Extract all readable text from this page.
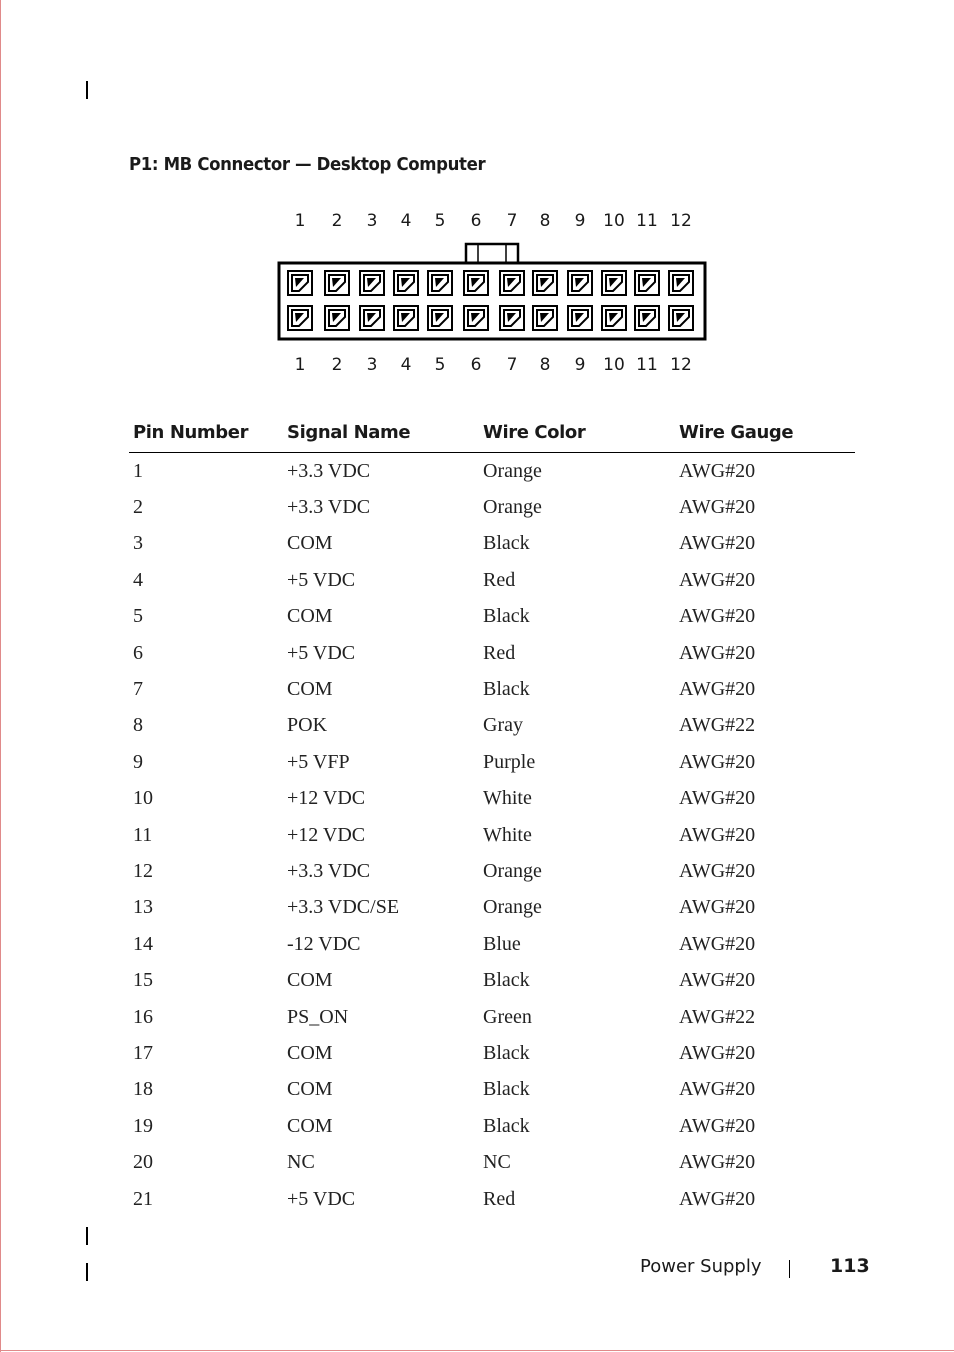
P1: MB Connector — Desktop Computer
1 2 3 4 5 6 7 8 9 10 11 12
1 2 3 4 5 6 7 8 9 10 11 12
Pin Number	Signal Name	Wire Color	Wire Gauge
1	+3.3 VDC	Orange	AWG#20
2	+3.3 VDC	Orange	AWG#20
3	COM	Black	AWG#20
4	+5 VDC	Red	AWG#20
5	COM	Black	AWG#20
6	+5 VDC	Red	AWG#20
7	COM	Black	AWG#20
8	POK	Gray	AWG#22
9	+5 VFP	Purple	AWG#20
10	+12 VDC	White	AWG#20
11	+12 VDC	White	AWG#20
12	+3.3 VDC	Orange	AWG#20
13	+3.3 VDC/SE	Orange	AWG#20
14	-12 VDC	Blue	AWG#20
15	COM	Black	AWG#20
16	PS_ON	Green	AWG#22
17	COM	Black	AWG#20
18	COM	Black	AWG#20
19	COM	Black	AWG#20
20	NC	NC	AWG#20
21	+5 VDC	Red	AWG#20
Power Supply	113
